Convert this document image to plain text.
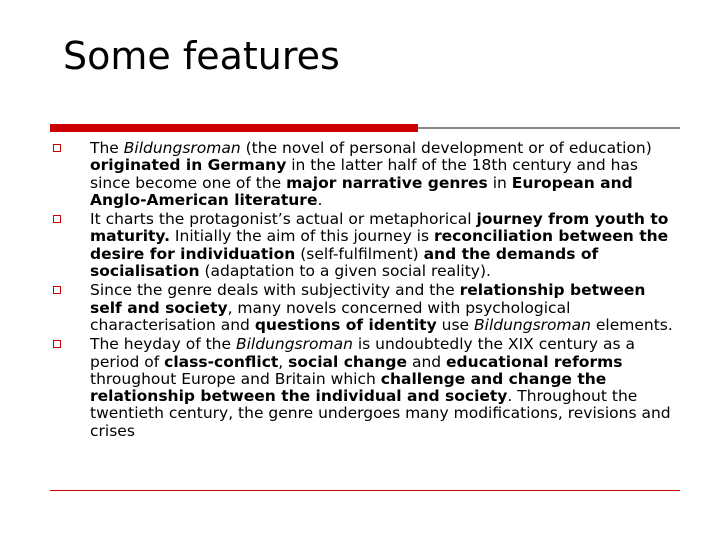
Some features
The Bildungsroman (the novel of personal development or of education) originated in Germany in the latter half of the 18th century and has since become one of the major narrative genres in European and Anglo-American literature.
It charts the protagonist’s actual or metaphorical journey from youth to maturity. Initially the aim of this journey is reconciliation between the desire for individuation (self-fulfilment) and the demands of socialisation (adaptation to a given social reality).
Since the genre deals with subjectivity and the relationship between self and society, many novels concerned with psychological characterisation and questions of identity use Bildungsroman elements.
The heyday of the Bildungsroman is undoubtedly the XIX century as a period of class-conflict, social change and educational reforms throughout Europe and Britain which challenge and change the relationship between the individual and society. Throughout the twentieth century, the genre undergoes many modifications, revisions and crises
